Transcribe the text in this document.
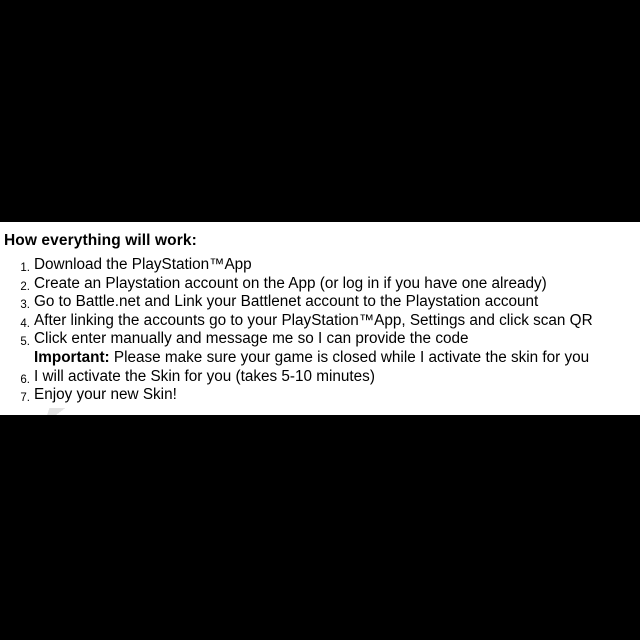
How everything will work:
Download the PlayStation™App
Create an Playstation account on the App (or log in if you have one already)
Go to Battle.net and Link your Battlenet account to the Playstation account
After linking the accounts go to your PlayStation™App, Settings and click scan QR
Click enter manually and message me so I can provide the code
Important: Please make sure your game is closed while I activate the skin for you
I will activate the Skin for you (takes 5-10 minutes)
Enjoy your new Skin!
